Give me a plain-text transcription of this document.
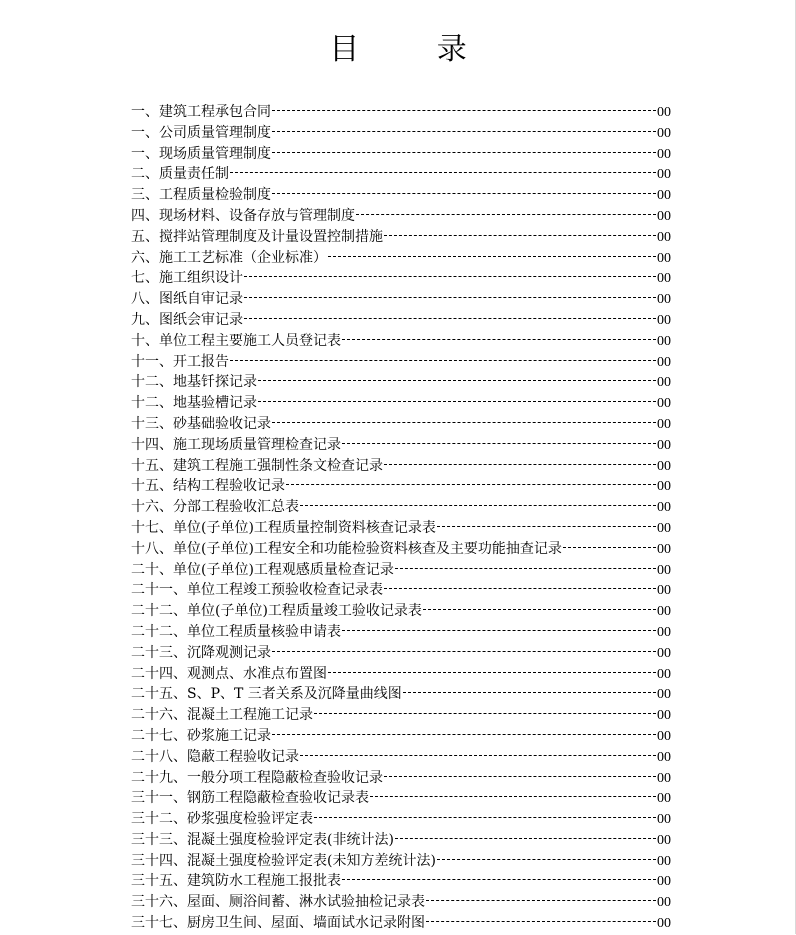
目 录
一、建筑工程承包合同	00
一、公司质量管理制度	00
一、现场质量管理制度	00
二、质量责任制	00
三、工程质量检验制度	00
四、现场材料、设备存放与管理制度	00
五、搅拌站管理制度及计量设置控制措施	00
六、施工工艺标准（企业标准）	00
七、施工组织设计	00
八、图纸自审记录	00
九、图纸会审记录	00
十、单位工程主要施工人员登记表	00
十一、开工报告	00
十二、地基钎探记录	00
十二、地基验槽记录	00
十三、砂基础验收记录	00
十四、施工现场质量管理检查记录	00
十五、建筑工程施工强制性条文检查记录	00
十五、结构工程验收记录	00
十六、分部工程验收汇总表	00
十七、单位(子单位)工程质量控制资料核查记录表	00
十八、单位(子单位)工程安全和功能检验资料核查及主要功能抽查记录	00
二十、单位(子单位)工程观感质量检查记录	00
二十一、单位工程竣工预验收检查记录表	00
二十二、单位(子单位)工程质量竣工验收记录表	00
二十二、单位工程质量核验申请表	00
二十三、沉降观测记录	00
二十四、观测点、水准点布置图	00
二十五、S、P、T 三者关系及沉降量曲线图	00
二十六、混凝土工程施工记录	00
二十七、砂浆施工记录	00
二十八、隐蔽工程验收记录	00
二十九、一般分项工程隐蔽检查验收记录	00
三十一、钢筋工程隐蔽检查验收记录表	00
三十二、砂浆强度检验评定表	00
三十三、混凝土强度检验评定表(非统计法)	00
三十四、混凝土强度检验评定表(未知方差统计法)	00
三十五、建筑防水工程施工报批表	00
三十六、屋面、厕浴间蓄、淋水试验抽检记录表	00
三十七、厨房卫生间、屋面、墙面试水记录附图	00
